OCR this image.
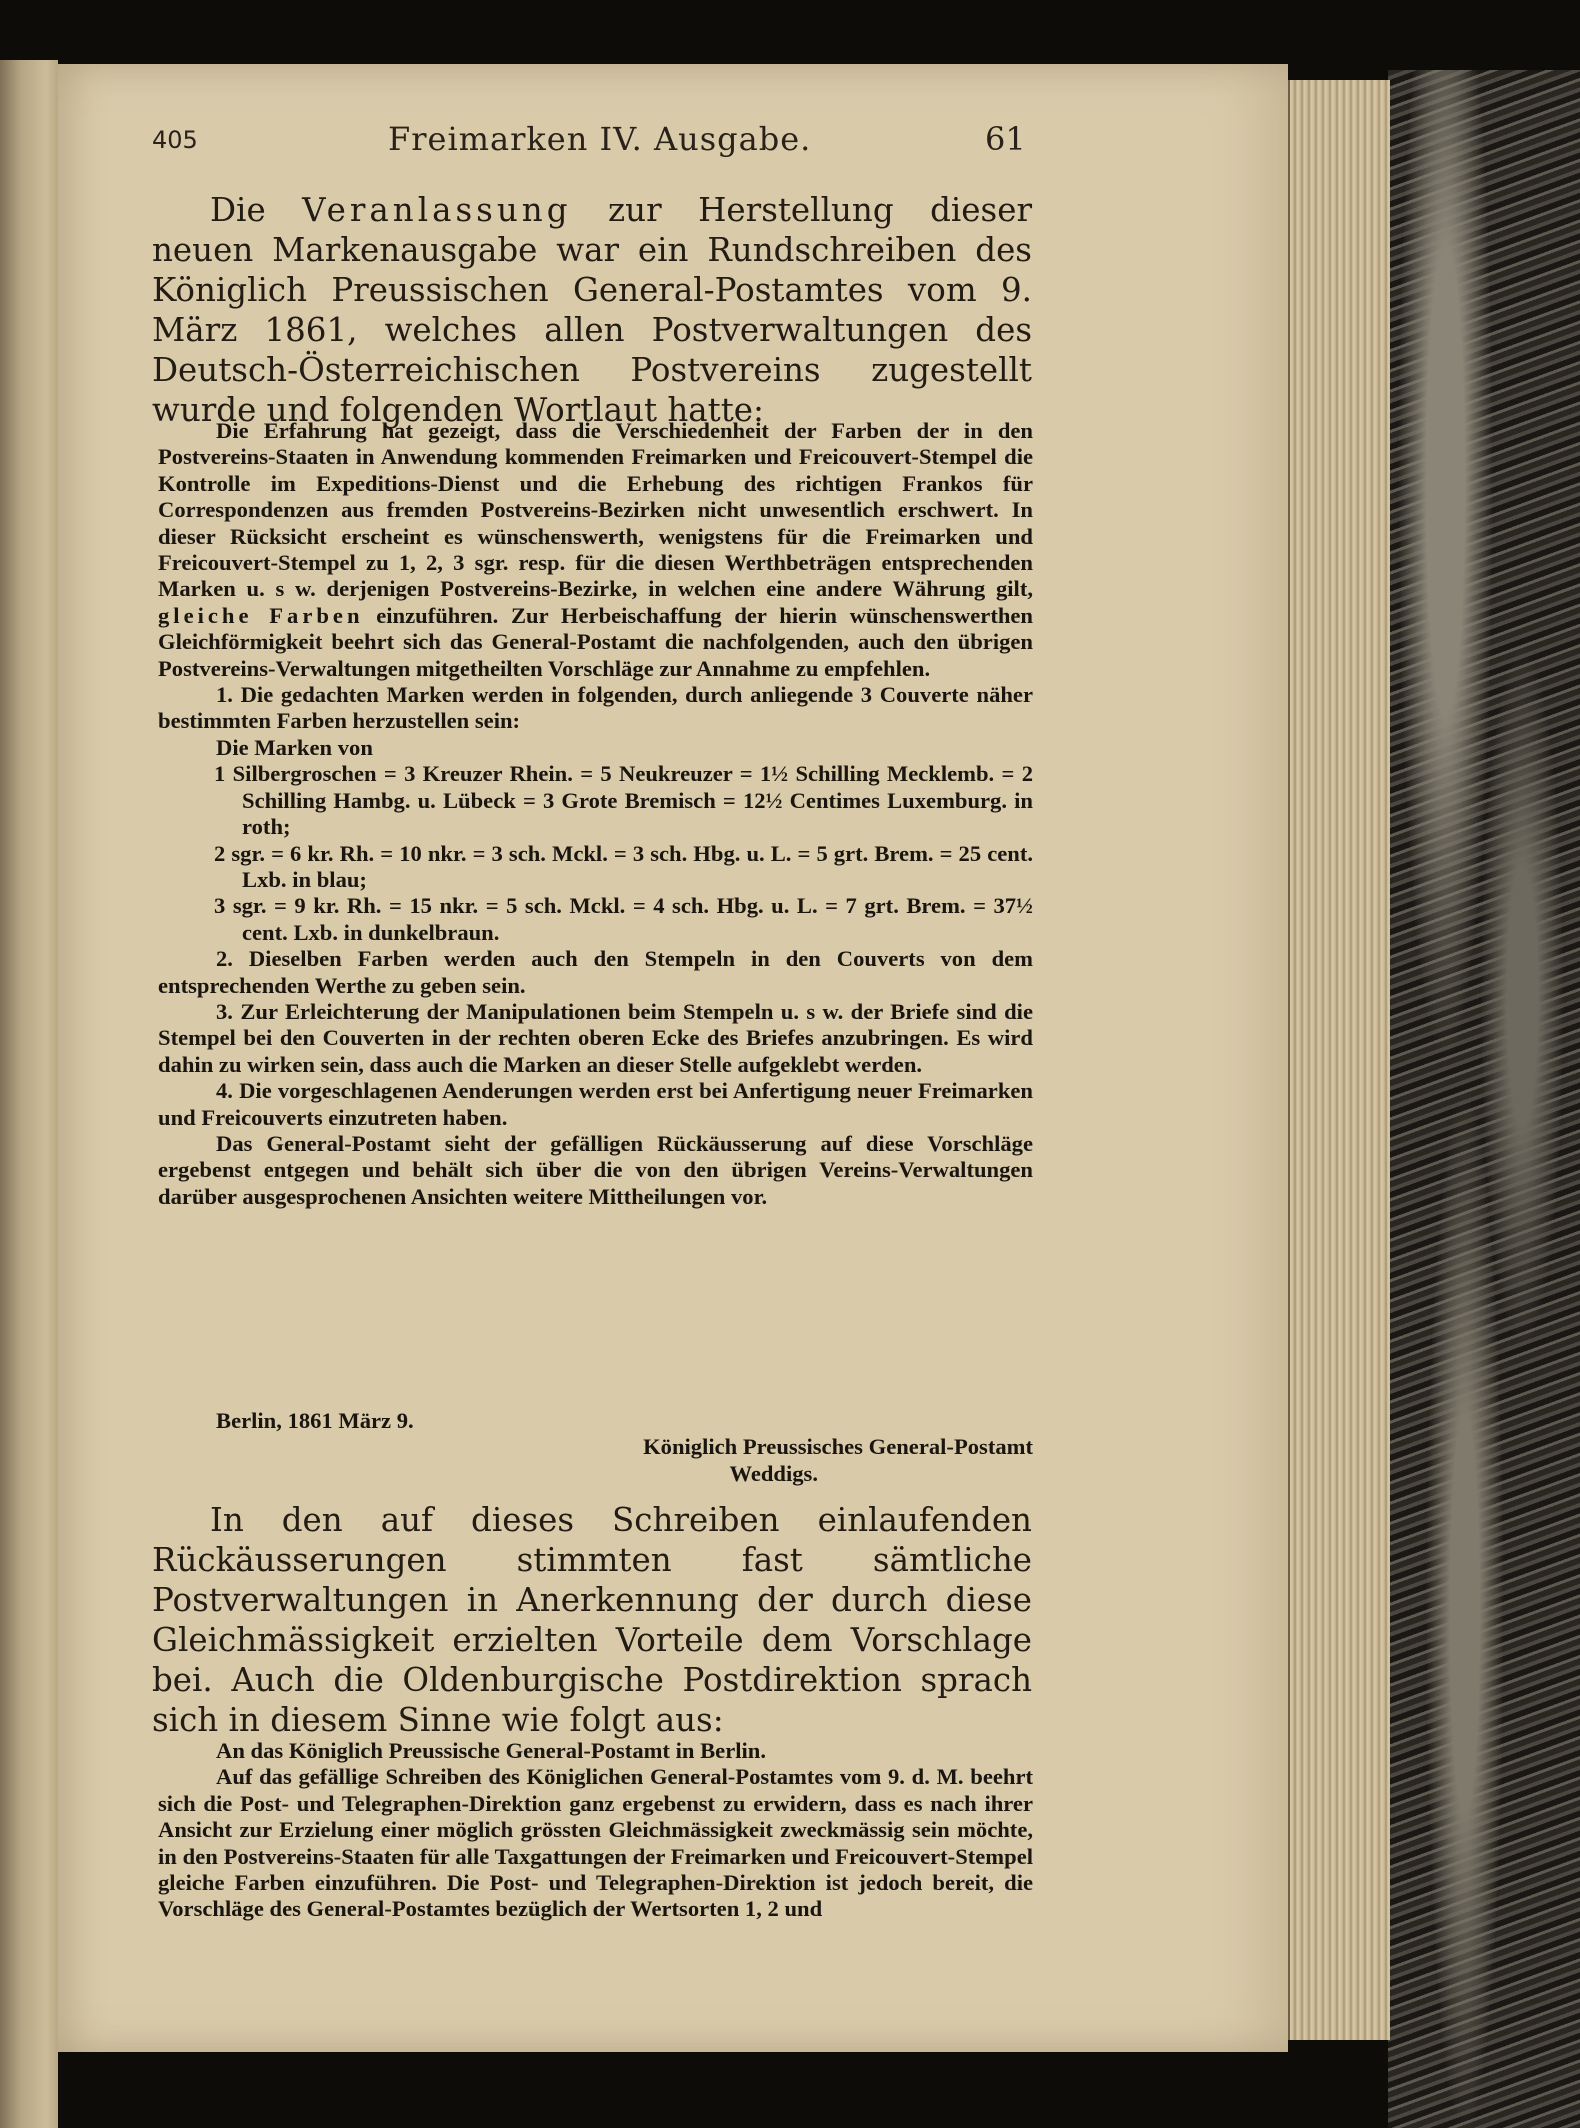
405	Freimarken IV. Ausgabe.	61

Die Veranlassung zur Herstellung dieser neuen Markenausgabe war ein Rundschreiben des Königlich Preussischen General-Postamtes vom 9. März 1861, welches allen Postverwaltungen des Deutsch-Österreichischen Postvereins zugestellt wurde und folgenden Wortlaut hatte:

Die Erfahrung hat gezeigt, dass die Verschiedenheit der Farben der in den Postvereins-Staaten in Anwendung kommenden Freimarken und Freicouvert-Stempel die Kontrolle im Expeditions-Dienst und die Erhebung des richtigen Frankos für Correspondenzen aus fremden Postvereins-Bezirken nicht unwesentlich erschwert. In dieser Rücksicht erscheint es wünschenswerth, wenigstens für die Freimarken und Freicouvert-Stempel zu 1, 2, 3 sgr. resp. für die diesen Werthbeträgen entsprechenden Marken u. s w. derjenigen Postvereins-Bezirke, in welchen eine andere Währung gilt, gleiche Farben einzuführen. Zur Herbeischaffung der hierin wünschenswerthen Gleichförmigkeit beehrt sich das General-Postamt die nachfolgenden, auch den übrigen Postvereins-Verwaltungen mitgetheilten Vorschläge zur Annahme zu empfehlen.

1. Die gedachten Marken werden in folgenden, durch anliegende 3 Couverte näher bestimmten Farben herzustellen sein:

Die Marken von

1 Silbergroschen = 3 Kreuzer Rhein. = 5 Neukreuzer = 1½ Schilling Mecklemb. = 2 Schilling Hambg. u. Lübeck = 3 Grote Bremisch = 12½ Centimes Luxemburg. in roth;

2 sgr. = 6 kr. Rh. = 10 nkr. = 3 sch. Mckl. = 3 sch. Hbg. u. L. = 5 grt. Brem. = 25 cent. Lxb. in blau;

3 sgr. = 9 kr. Rh. = 15 nkr. = 5 sch. Mckl. = 4 sch. Hbg. u. L. = 7 grt. Brem. = 37½ cent. Lxb. in dunkelbraun.

2. Dieselben Farben werden auch den Stempeln in den Couverts von dem entsprechenden Werthe zu geben sein.

3. Zur Erleichterung der Manipulationen beim Stempeln u. s w. der Briefe sind die Stempel bei den Couverten in der rechten oberen Ecke des Briefes anzubringen. Es wird dahin zu wirken sein, dass auch die Marken an dieser Stelle aufgeklebt werden.

4. Die vorgeschlagenen Aenderungen werden erst bei Anfertigung neuer Freimarken und Freicouverts einzutreten haben.

Das General-Postamt sieht der gefälligen Rückäusserung auf diese Vorschläge ergebenst entgegen und behält sich über die von den übrigen Vereins-Verwaltungen darüber ausgesprochenen Ansichten weitere Mittheilungen vor.

Berlin, 1861 März 9.
Königlich Preussisches General-Postamt
Weddigs.

In den auf dieses Schreiben einlaufenden Rückäusserungen stimmten fast sämtliche Postverwaltungen in Anerkennung der durch diese Gleichmässigkeit erzielten Vorteile dem Vorschlage bei. Auch die Oldenburgische Postdirektion sprach sich in diesem Sinne wie folgt aus:

An das Königlich Preussische General-Postamt in Berlin.

Auf das gefällige Schreiben des Königlichen General-Postamtes vom 9. d. M. beehrt sich die Post- und Telegraphen-Direktion ganz ergebenst zu erwidern, dass es nach ihrer Ansicht zur Erzielung einer möglich grössten Gleichmässigkeit zweckmässig sein möchte, in den Postvereins-Staaten für alle Taxgattungen der Freimarken und Freicouvert-Stempel gleiche Farben einzuführen. Die Post- und Telegraphen-Direktion ist jedoch bereit, die Vorschläge des General-Postamtes bezüglich der Wertsorten 1, 2 und
